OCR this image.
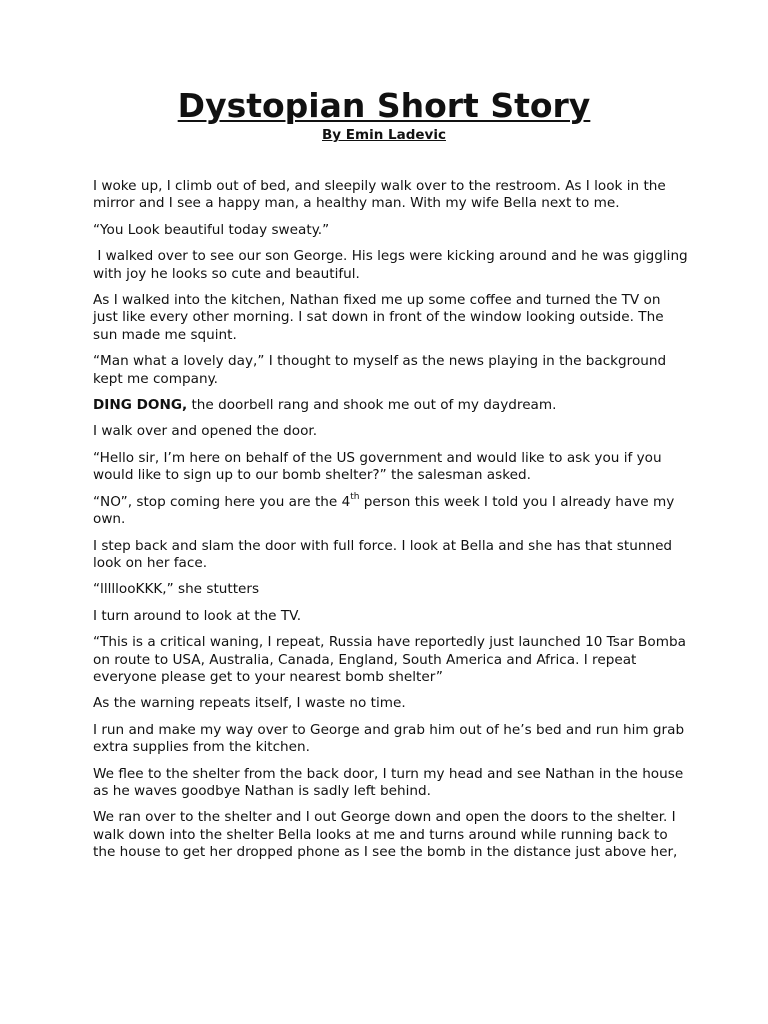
Dystopian Short Story
By Emin Ladevic

I woke up, I climb out of bed, and sleepily walk over to the restroom. As I look in the mirror and I see a happy man, a healthy man. With my wife Bella next to me.

“You Look beautiful today sweaty.”

I walked over to see our son George. His legs were kicking around and he was giggling with joy he looks so cute and beautiful.

As I walked into the kitchen, Nathan fixed me up some coffee and turned the TV on just like every other morning. I sat down in front of the window looking outside. The sun made me squint.

“Man what a lovely day,” I thought to myself as the news playing in the background kept me company.

DING DONG, the doorbell rang and shook me out of my daydream.

I walk over and opened the door.

“Hello sir, I’m here on behalf of the US government and would like to ask you if you would like to sign up to our bomb shelter?” the salesman asked.

“NO”, stop coming here you are the 4th person this week I told you I already have my own.

I step back and slam the door with full force. I look at Bella and she has that stunned look on her face.

“lllllooKKK,” she stutters

I turn around to look at the TV.

“This is a critical waning, I repeat, Russia have reportedly just launched 10 Tsar Bomba on route to USA, Australia, Canada, England, South America and Africa. I repeat everyone please get to your nearest bomb shelter”

As the warning repeats itself, I waste no time.

I run and make my way over to George and grab him out of he’s bed and run him grab extra supplies from the kitchen.

We flee to the shelter from the back door, I turn my head and see Nathan in the house as he waves goodbye Nathan is sadly left behind.

We ran over to the shelter and I out George down and open the doors to the shelter. I walk down into the shelter Bella looks at me and turns around while running back to the house to get her dropped phone as I see the bomb in the distance just above her,
